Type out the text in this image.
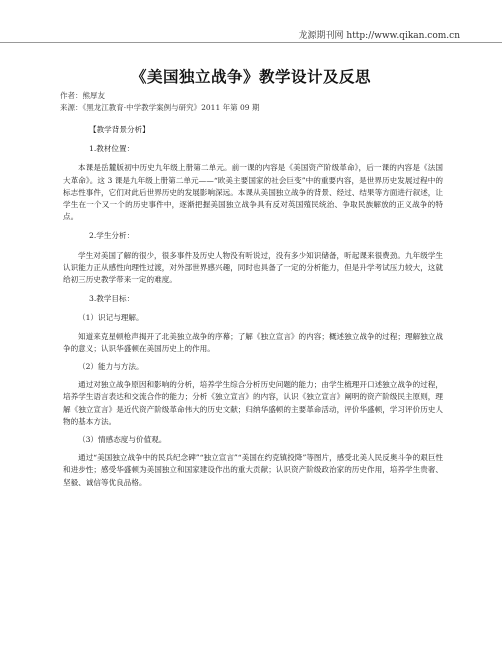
龙源期刊网 http://www.qikan.com.cn
《美国独立战争》教学设计及反思
作者：熊厚友
来源：《黑龙江教育·中学教学案例与研究》2011 年第 09 期

【教学背景分析】

1.教材位置：

本课是岳麓版初中历史九年级上册第二单元。前一课的内容是《美国资产阶级革命》，后一课的内容是《法国大革命》。这 3 课是九年级上册第二单元——“欧美主要国家的社会巨变”中的重要内容，是世界历史发展过程中的标志性事件，它们对此后世界历史的发展影响深远。本课从美国独立战争的背景、经过、结果等方面进行叙述，让学生在一个又一个的历史事件中，逐渐把握美国独立战争具有反对英国殖民统治、争取民族解放的正义战争的特点。

2.学生分析：

学生对美国了解的很少，很多事件及历史人物没有听说过，没有多少知识储备，听起课来很费劲。九年级学生认识能力正从感性向理性过渡，对外部世界感兴趣，同时也具备了一定的分析能力，但是升学考试压力较大，这就给初三历史教学带来一定的难度。

3.教学目标：

（1）识记与理解。

知道来克星顿枪声揭开了北美独立战争的序幕；了解《独立宣言》的内容；概述独立战争的过程；理解独立战争的意义；认识华盛顿在美国历史上的作用。

（2）能力与方法。

通过对独立战争原因和影响的分析，培养学生综合分析历史问题的能力；由学生梳理开口述独立战争的过程，培养学生语言表达和交流合作的能力；分析《独立宣言》的内容，认识《独立宣言》阐明的资产阶级民主原则，理解《独立宣言》是近代资产阶级革命伟大的历史文献；归纳华盛顿的主要革命活动，评价华盛顿，学习评价历史人物的基本方法。

（3）情感态度与价值观。

通过“美国独立战争中的民兵纪念碑”“独立宣言”“美国在约克镇投降”等图片，感受北美人民反奥斗争的艰巨性和进步性；感受华盛顿为美国独立和国家建设作出的重大贡献；认识资产阶级政治家的历史作用，培养学生贵奢、坚毅、诚信等优良品格。
